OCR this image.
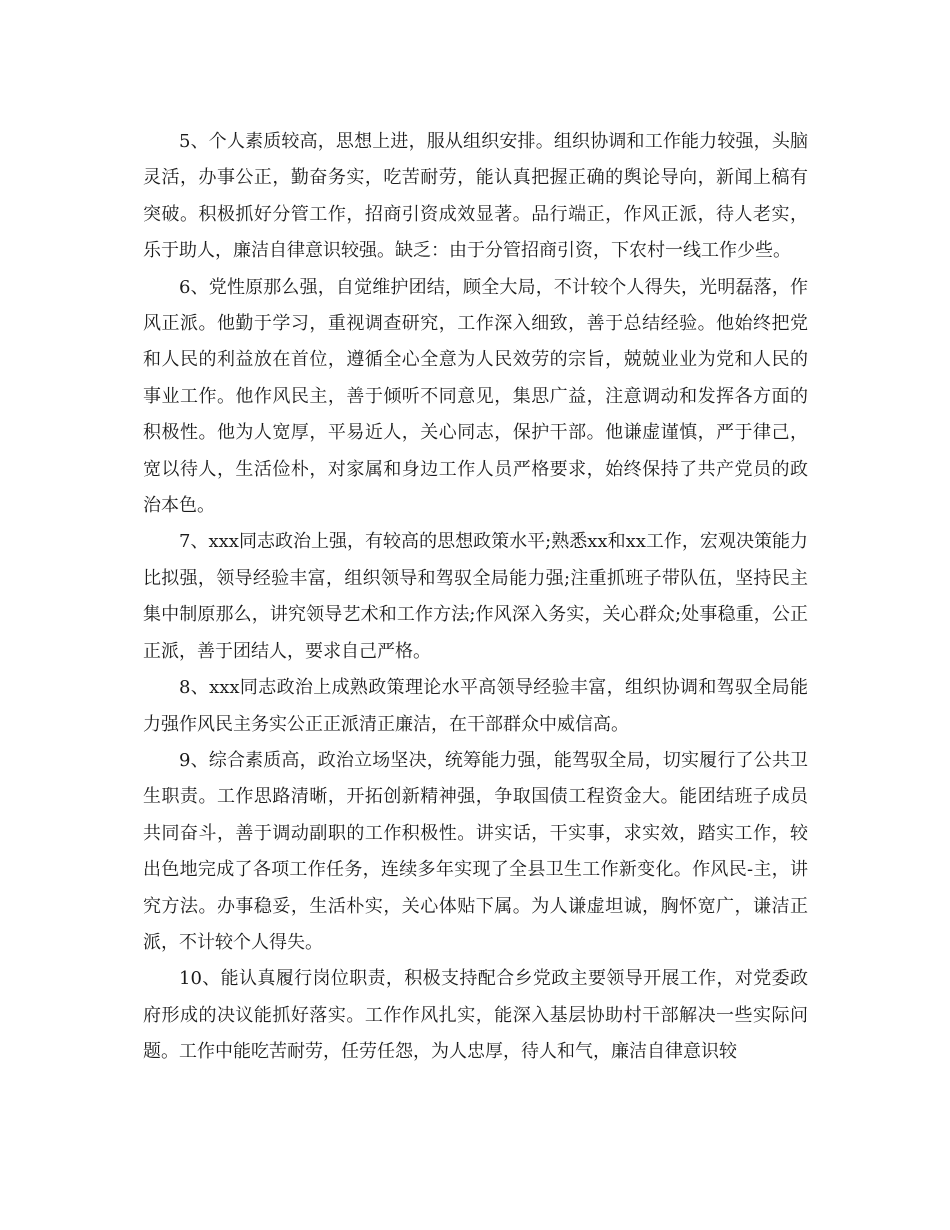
5、个人素质较高，思想上进，服从组织安排。组织协调和工作能力较强，头脑灵活，办事公正，勤奋务实，吃苦耐劳，能认真把握正确的舆论导向，新闻上稿有突破。积极抓好分管工作，招商引资成效显著。品行端正，作风正派，待人老实，乐于助人，廉洁自律意识较强。缺乏：由于分管招商引资，下农村一线工作少些。

6、党性原那么强，自觉维护团结，顾全大局，不计较个人得失，光明磊落，作风正派。他勤于学习，重视调查研究，工作深入细致，善于总结经验。他始终把党和人民的利益放在首位，遵循全心全意为人民效劳的宗旨，兢兢业业为党和人民的事业工作。他作风民主，善于倾听不同意见，集思广益，注意调动和发挥各方面的积极性。他为人宽厚，平易近人，关心同志，保护干部。他谦虚谨慎，严于律己，宽以待人，生活俭朴，对家属和身边工作人员严格要求，始终保持了共产党员的政治本色。

7、xxx同志政治上强，有较高的思想政策水平;熟悉xx和xx工作，宏观决策能力比拟强，领导经验丰富，组织领导和驾驭全局能力强;注重抓班子带队伍，坚持民主集中制原那么，讲究领导艺术和工作方法;作风深入务实，关心群众;处事稳重，公正正派，善于团结人，要求自己严格。

8、xxx同志政治上成熟政策理论水平高领导经验丰富，组织协调和驾驭全局能力强作风民主务实公正正派清正廉洁，在干部群众中威信高。

9、综合素质高，政治立场坚决，统筹能力强，能驾驭全局，切实履行了公共卫生职责。工作思路清晰，开拓创新精神强，争取国债工程资金大。能团结班子成员共同奋斗，善于调动副职的工作积极性。讲实话，干实事，求实效，踏实工作，较出色地完成了各项工作任务，连续多年实现了全县卫生工作新变化。作风民-主，讲究方法。办事稳妥，生活朴实，关心体贴下属。为人谦虚坦诚，胸怀宽广，谦洁正派，不计较个人得失。

10、能认真履行岗位职责，积极支持配合乡党政主要领导开展工作，对党委政府形成的决议能抓好落实。工作作风扎实，能深入基层协助村干部解决一些实际问题。工作中能吃苦耐劳，任劳任怨，为人忠厚，待人和气，廉洁自律意识较
